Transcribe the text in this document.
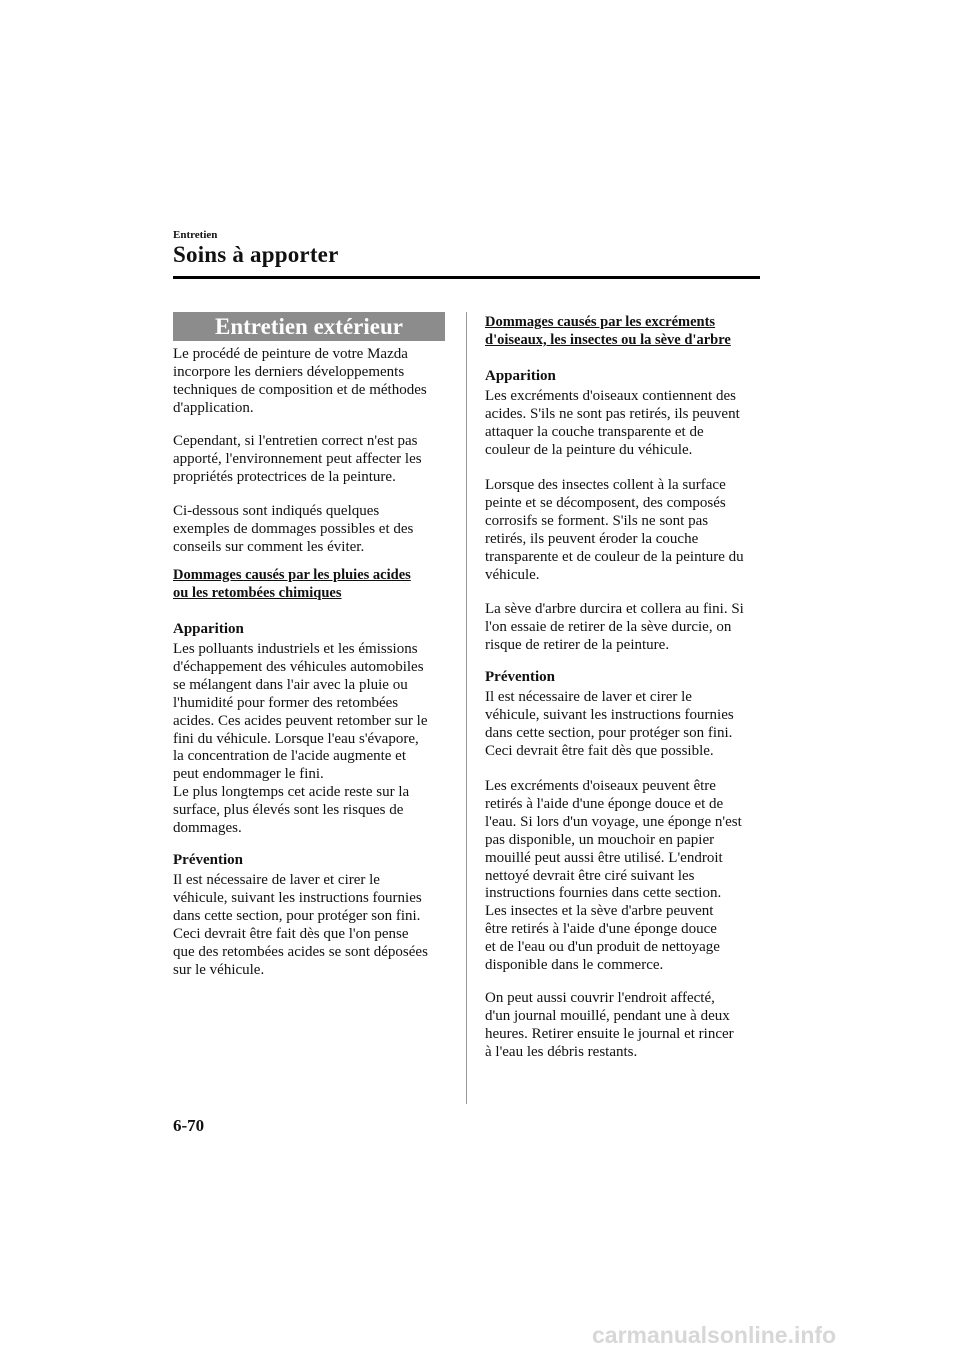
Entretien
Soins à apporter
Entretien extérieur

Le procédé de peinture de votre Mazda
incorpore les derniers développements
techniques de composition et de méthodes
d'application.

Cependant, si l'entretien correct n'est pas
apporté, l'environnement peut affecter les
propriétés protectrices de la peinture.

Ci-dessous sont indiqués quelques
exemples de dommages possibles et des
conseils sur comment les éviter.

Dommages causés par les pluies acides
ou les retombées chimiques
Apparition

Les polluants industriels et les émissions
d'échappement des véhicules automobiles
se mélangent dans l'air avec la pluie ou
l'humidité pour former des retombées
acides. Ces acides peuvent retomber sur le
fini du véhicule. Lorsque l'eau s'évapore,
la concentration de l'acide augmente et
peut endommager le fini.
Le plus longtemps cet acide reste sur la
surface, plus élevés sont les risques de
dommages.

Prévention

Il est nécessaire de laver et cirer le
véhicule, suivant les instructions fournies
dans cette section, pour protéger son fini.
Ceci devrait être fait dès que l'on pense
que des retombées acides se sont déposées
sur le véhicule.

Dommages causés par les excréments
d'oiseaux, les insectes ou la sève d'arbre
Apparition

Les excréments d'oiseaux contiennent des
acides. S'ils ne sont pas retirés, ils peuvent
attaquer la couche transparente et de
couleur de la peinture du véhicule.

Lorsque des insectes collent à la surface
peinte et se décomposent, des composés
corrosifs se forment. S'ils ne sont pas
retirés, ils peuvent éroder la couche
transparente et de couleur de la peinture du
véhicule.

La sève d'arbre durcira et collera au fini. Si
l'on essaie de retirer de la sève durcie, on
risque de retirer de la peinture.

Prévention

Il est nécessaire de laver et cirer le
véhicule, suivant les instructions fournies
dans cette section, pour protéger son fini.
Ceci devrait être fait dès que possible.

Les excréments d'oiseaux peuvent être
retirés à l'aide d'une éponge douce et de
l'eau. Si lors d'un voyage, une éponge n'est
pas disponible, un mouchoir en papier
mouillé peut aussi être utilisé. L'endroit
nettoyé devrait être ciré suivant les
instructions fournies dans cette section.
Les insectes et la sève d'arbre peuvent
être retirés à l'aide d'une éponge douce
et de l'eau ou d'un produit de nettoyage
disponible dans le commerce.

On peut aussi couvrir l'endroit affecté,
d'un journal mouillé, pendant une à deux
heures. Retirer ensuite le journal et rincer
à l'eau les débris restants.

6-70
carmanualsonline.info
